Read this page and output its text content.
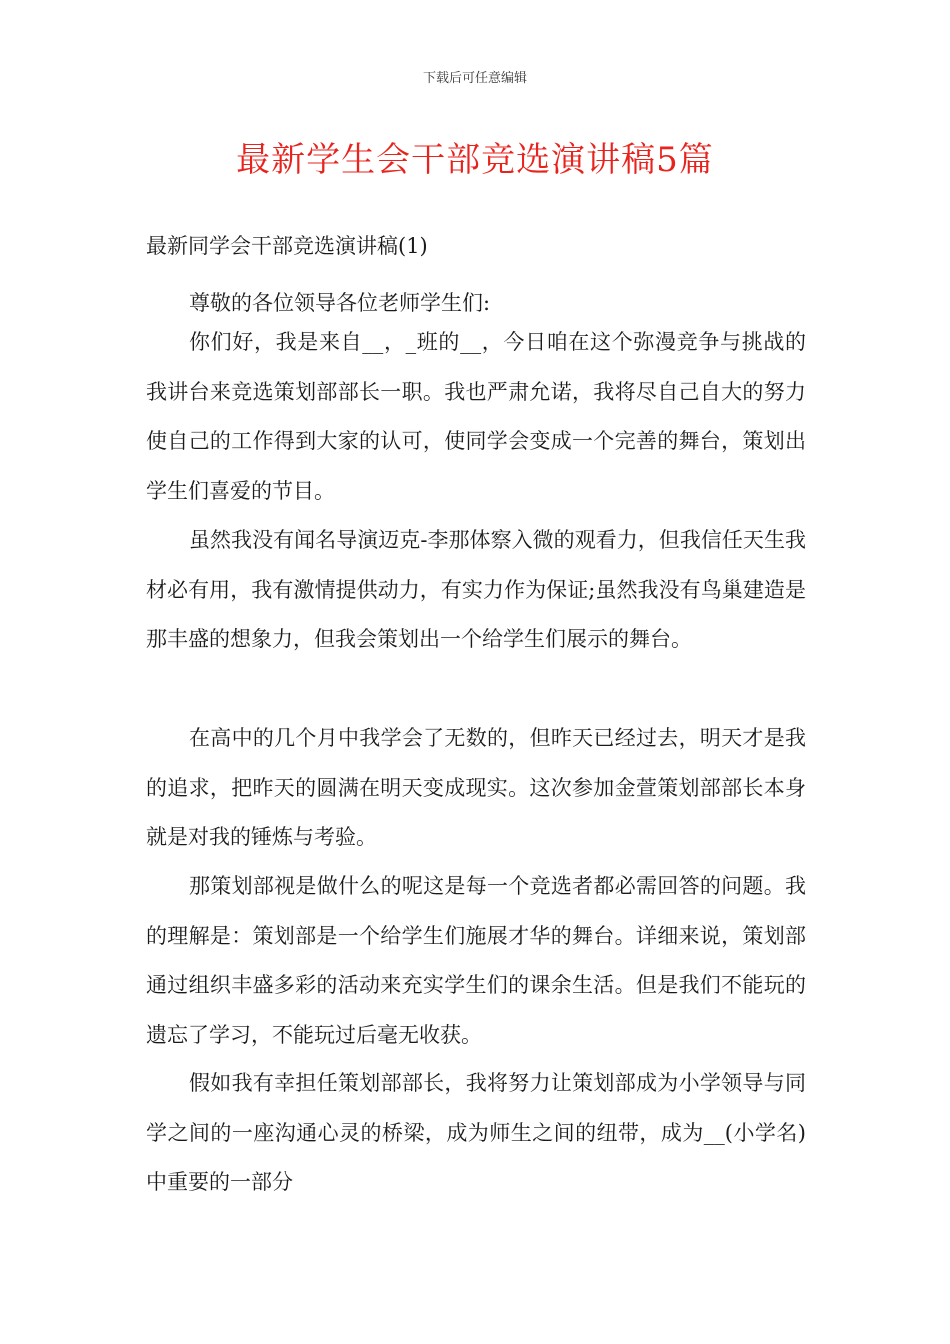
下载后可任意编辑
最新学生会干部竞选演讲稿5篇
最新同学会干部竞选演讲稿(1)
尊敬的各位领导各位老师学生们:
你们好，我是来自__，_班的__，今日咱在这个弥漫竞争与挑战的我讲台来竞选策划部部长一职。我也严肃允诺，我将尽自己自大的努力使自己的工作得到大家的认可，使同学会变成一个完善的舞台，策划出学生们喜爱的节目。
虽然我没有闻名导演迈克-李那体察入微的观看力，但我信任天生我材必有用，我有激情提供动力，有实力作为保证;虽然我没有鸟巢建造是那丰盛的想象力，但我会策划出一个给学生们展示的舞台。
在高中的几个月中我学会了无数的，但昨天已经过去，明天才是我的追求，把昨天的圆满在明天变成现实。这次参加金萱策划部部长本身就是对我的锤炼与考验。
那策划部视是做什么的呢这是每一个竞选者都必需回答的问题。我的理解是：策划部是一个给学生们施展才华的舞台。详细来说，策划部通过组织丰盛多彩的活动来充实学生们的课余生活。但是我们不能玩的遗忘了学习，不能玩过后毫无收获。
假如我有幸担任策划部部长，我将努力让策划部成为小学领导与同学之间的一座沟通心灵的桥梁，成为师生之间的纽带，成为__(小学名)中重要的一部分
